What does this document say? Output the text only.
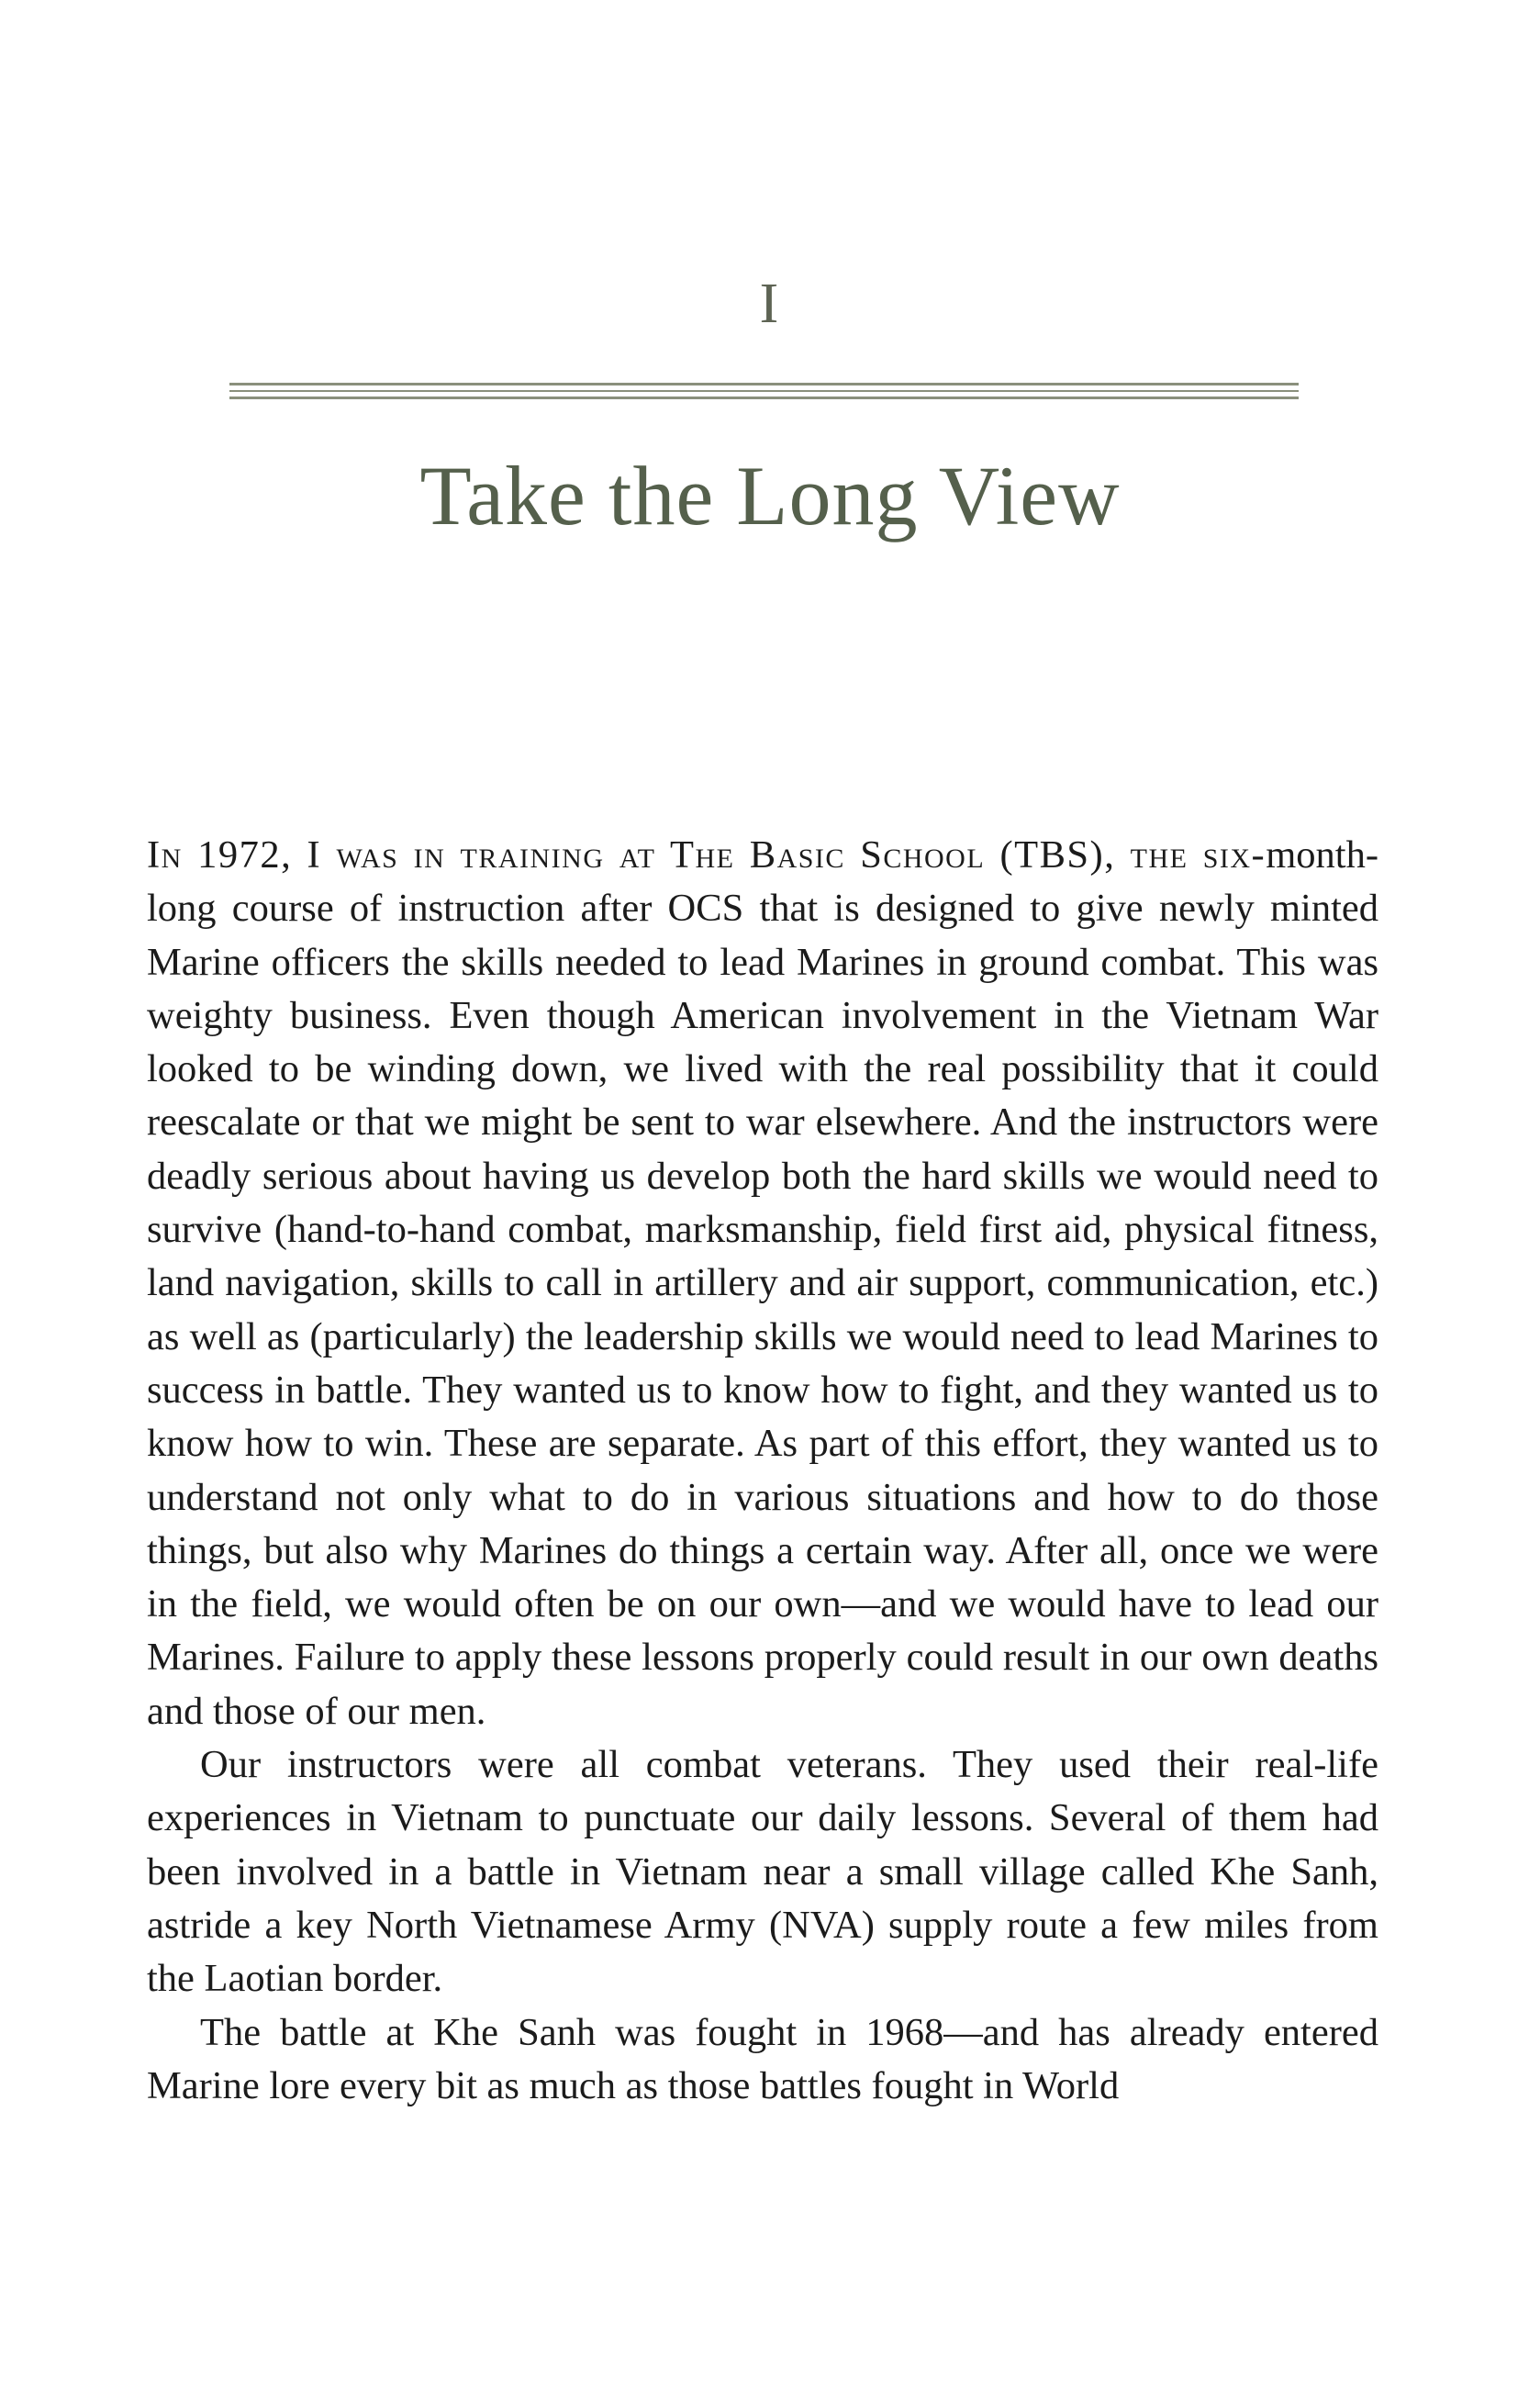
I
Take the Long View

In 1972, I was in training at The Basic School (TBS), the six-month-long course of instruction after OCS that is designed to give newly minted Marine officers the skills needed to lead Marines in ground combat. This was weighty business. Even though American involvement in the Vietnam War looked to be winding down, we lived with the real possibility that it could reescalate or that we might be sent to war elsewhere. And the instructors were deadly serious about having us develop both the hard skills we would need to survive (hand-to-hand combat, marksmanship, field first aid, physical fitness, land navigation, skills to call in artillery and air support, communication, etc.) as well as (particularly) the leadership skills we would need to lead Marines to success in battle. They wanted us to know how to fight, and they wanted us to know how to win. These are separate. As part of this effort, they wanted us to understand not only what to do in various situations and how to do those things, but also why Marines do things a certain way. After all, once we were in the field, we would often be on our own—and we would have to lead our Marines. Failure to apply these lessons properly could result in our own deaths and those of our men.

Our instructors were all combat veterans. They used their real-life experiences in Vietnam to punctuate our daily lessons. Several of them had been involved in a battle in Vietnam near a small village called Khe Sanh, astride a key North Vietnamese Army (NVA) supply route a few miles from the Laotian border.

The battle at Khe Sanh was fought in 1968—and has already entered Marine lore every bit as much as those battles fought in World
